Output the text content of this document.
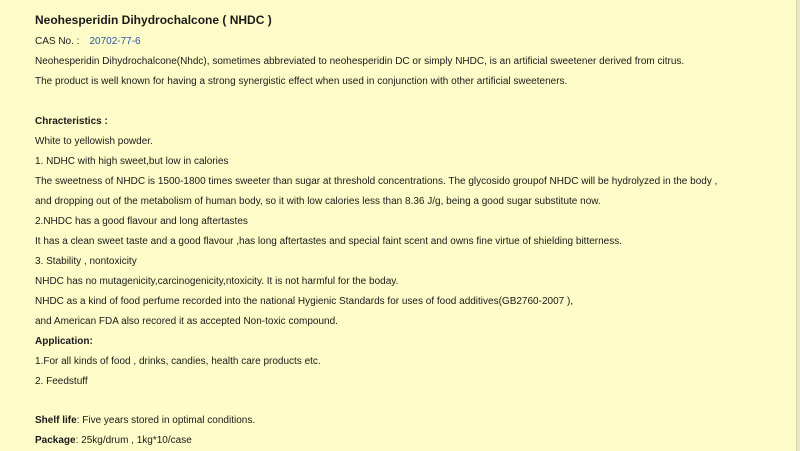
Neohesperidin Dihydrochalcone ( NHDC )
CAS No. : 20702-77-6
Neohesperidin Dihydrochalcone(Nhdc), sometimes abbreviated to neohesperidin DC or simply NHDC, is an artificial sweetener derived from citrus.
The product is well known for having a strong synergistic effect when used in conjunction with other artificial sweeteners.
Chracteristics :
White to yellowish powder.
1. NDHC with high sweet,but low in calories
The sweetness of NHDC is 1500-1800 times sweeter than sugar at threshold concentrations. The glycosido groupof NHDC will be hydrolyzed in the body ,
and dropping out of the metabolism of human body, so it with low calories less than 8.36 J/g, being a good sugar substitute now.
2.NHDC has a good flavour and long aftertastes
It has a clean sweet taste and a good flavour ,has long aftertastes and special faint scent and owns fine virtue of shielding bitterness.
3. Stability , nontoxicity
NHDC has no mutagenicity,carcinogenicity,ntoxicity. It is not harmful for the boday.
NHDC as a kind of food perfume recorded into the national Hygienic Standards for uses of food additives(GB2760-2007 ),
and American FDA also recored it as accepted Non-toxic compound.
Application:
1.For all kinds of food , drinks, candies, health care products etc.
2. Feedstuff
Shelf life: Five years stored in optimal conditions.
Package: 25kg/drum , 1kg*10/case
